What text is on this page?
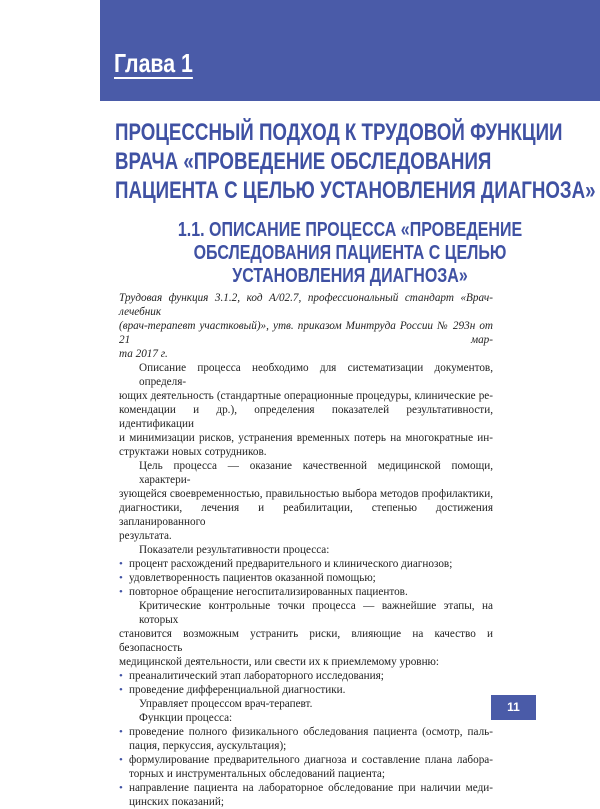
Глава 1
ПРОЦЕССНЫЙ ПОДХОД К ТРУДОВОЙ ФУНКЦИИ
ВРАЧА «ПРОВЕДЕНИЕ ОБСЛЕДОВАНИЯ
ПАЦИЕНТА С ЦЕЛЬЮ УСТАНОВЛЕНИЯ ДИАГНОЗА»
1.1. ОПИСАНИЕ ПРОЦЕССА «ПРОВЕДЕНИЕ
ОБСЛЕДОВАНИЯ ПАЦИЕНТА С ЦЕЛЬЮ
УСТАНОВЛЕНИЯ ДИАГНОЗА»
Трудовая функция 3.1.2, код A/02.7, профессиональный стандарт «Врач-лечебник
(врач-терапевт участковый)», утв. приказом Минтруда России № 293н от 21 мар-
та 2017 г.
Описание процесса необходимо для систематизации документов, определя-
ющих деятельность (стандартные операционные процедуры, клинические ре-
комендации и др.), определения показателей результативности, идентификации
и минимизации рисков, устранения временных потерь на многократные ин-
структажи новых сотрудников.
Цель процесса — оказание качественной медицинской помощи, характери-
зующейся своевременностью, правильностью выбора методов профилактики,
диагностики, лечения и реабилитации, степенью достижения запланированного
результата.
Показатели результативности процесса:
• процент расхождений предварительного и клинического диагнозов;
• удовлетворенность пациентов оказанной помощью;
• повторное обращение негоспитализированных пациентов.
Критические контрольные точки процесса — важнейшие этапы, на которых
становится возможным устранить риски, влияющие на качество и безопасность
медицинской деятельности, или свести их к приемлемому уровню:
• преаналитический этап лабораторного исследования;
• проведение дифференциальной диагностики.
Управляет процессом врач-терапевт.
Функции процесса:
• проведение полного физикального обследования пациента (осмотр, паль-
пация, перкуссия, аускультация);
• формулирование предварительного диагноза и составление плана лабора-
торных и инструментальных обследований пациента;
• направление пациента на лабораторное обследование при наличии меди-
цинских показаний;
11
